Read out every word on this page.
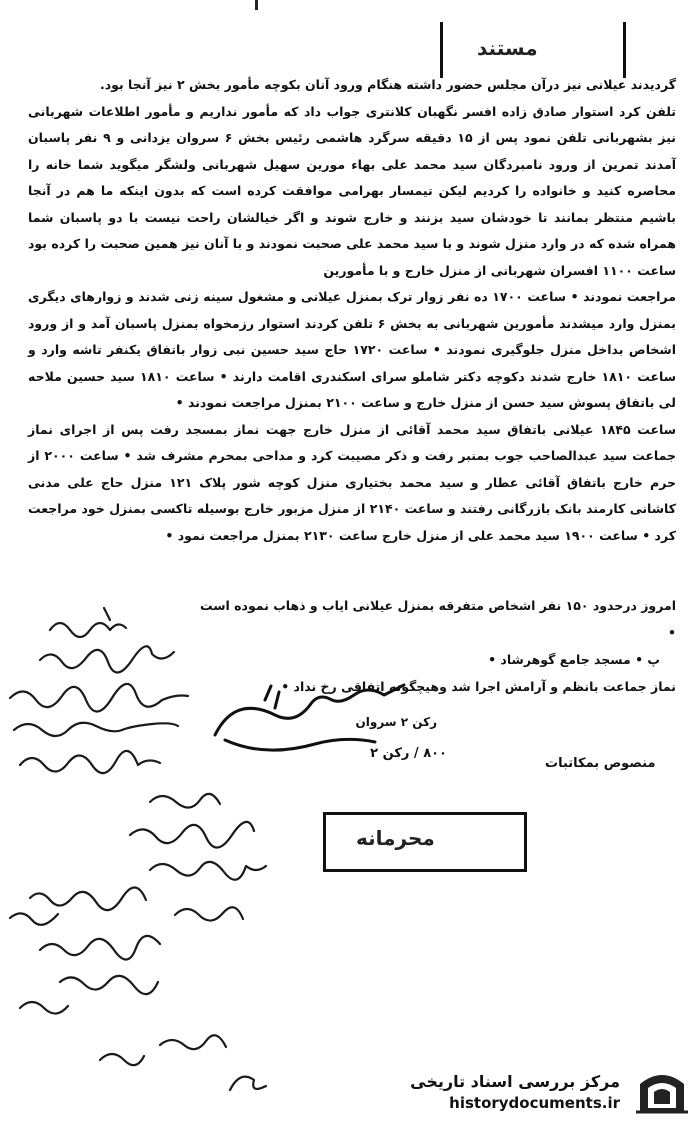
مستند

گردیدند عیلانی نیز درآن مجلس حضور داشته هنگام ورود آنان بکوچه مأمور بخش ۲ نیز آنجا بود.

تلفن کرد استوار صادق زاده افسر نگهبان کلانتری جواب داد که مأمور نداریم و مأمور اطلاعات شهربانی نیز بشهربانی تلفن نمود پس از ۱۵ دقیقه سرگرد هاشمی رئیس بخش ۶ سروان یزدانی و ۹ نفر پاسبان آمدند تمرین از ورود نامبردگان سید محمد علی بهاء مورین سهیل شهربانی ولشگر میگوید شما خانه را محاصره کنید و خانواده را کردیم لیکن تیمسار بهرامی موافقت کرده است که بدون اینکه ما هم در آنجا باشیم منتظر بمانند تا خودشان سید بزنند و خارج شوند و اگر خیالشان راحت نیست با دو پاسبان شما همراه شده که در وارد منزل شوند و با سید محمد علی صحبت نمودند و با آنان نیز همین صحبت را کرده بود ساعت ۱۱۰۰ افسران شهربانی از منزل خارج و با مأمورین

مراجعت نمودند • ساعت ۱۷۰۰ ده نفر زوار ترک بمنزل عیلانی و مشغول سینه زنی شدند و زوارهای دیگری بمنزل وارد میشدند مأمورین شهربانی به بخش ۶ تلفن کردند استوار رزمخواه بمنزل پاسبان آمد و از ورود اشخاص بداخل منزل جلوگیری نمودند • ساعت ۱۷۲۰ حاج سید حسین نبی زوار باتفاق یکنفر تاشه وارد و ساعت ۱۸۱۰ خارج شدند دکوچه دکتر شاملو سرای اسکندری اقامت دارند • ساعت ۱۸۱۰ سید حسین ملاحه لی باتفاق پسوش سید حسن از منزل خارج و ساعت ۲۱۰۰ بمنزل مراجعت نمودند •

ساعت ۱۸۴۵ عیلانی باتفاق سید محمد آقائی از منزل خارج جهت نماز بمسجد رفت پس از اجرای نماز جماعت سید عبدالصاحب جوب بمنبر رفت و ذکر مصیبت کرد و مداحی بمحرم مشرف شد • ساعت ۲۰۰۰ از حرم خارج باتفاق آقائی عطار و سید محمد بختیاری منزل کوچه شور پلاک ۱۲۱ منزل حاج علی مدنی کاشانی کارمند بانک بازرگانی رفتند و ساعت ۲۱۴۰ از منزل مزبور خارج بوسیله تاکسی بمنزل خود مراجعت کرد • ساعت ۱۹۰۰ سید محمد علی از منزل خارج ساعت ۲۱۳۰ بمنزل مراجعت نمود •

امروز درحدود ۱۵۰ نفر اشخاص متفرقه بمنزل عیلانی ایاب و ذهاب نموده است •

پ • مسجد جامع گوهرشاد •

نماز جماعت بانظم و آرامش اجرا شد وهیچگونه اتفاقی رخ نداد •

رکن ۲ سروان
۸۰۰ / رکن ۲
منصوص بمکاتبات
محرمانه
مرکز بررسی اسناد تاریخی
historydocuments.ir
